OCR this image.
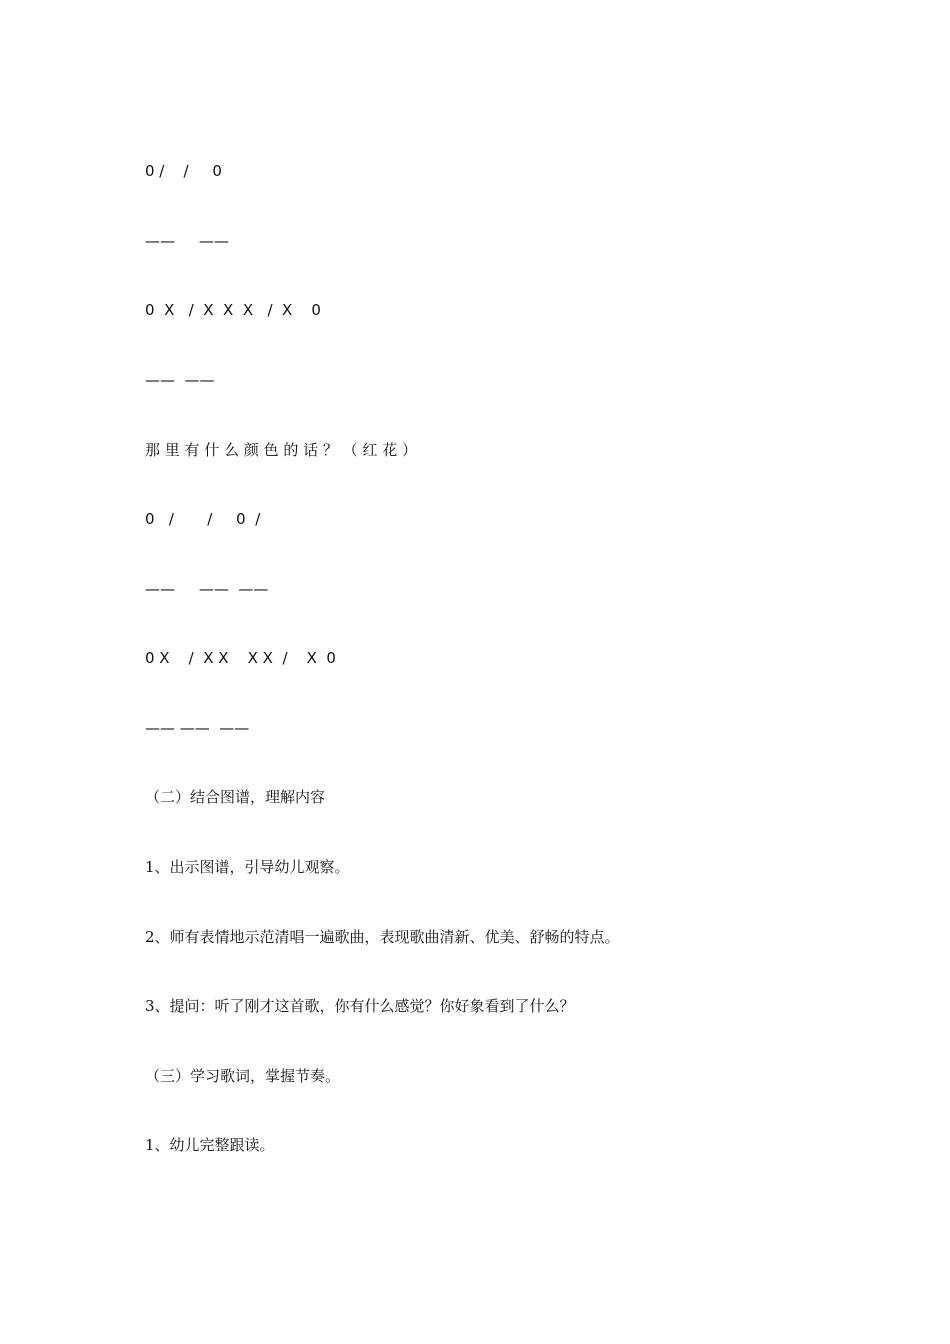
0 /    /     0
——     ——
0  X   /  X  X  X   /  X    0
——  ——
那 里 有 什 么 颜 色 的 话 ？ （ 红 花 ）
0   /       /     0  /
——     ——  ——
0 X    /  X X    X X  /    X  0
—— ——  ——
（二）结合图谱，理解内容
1、出示图谱，引导幼儿观察。
2、师有表情地示范清唱一遍歌曲，表现歌曲清新、优美、舒畅的特点。
3、提问：听了刚才这首歌，你有什么感觉？你好象看到了什么？
（三）学习歌词，掌握节奏。
1、幼儿完整跟读。
